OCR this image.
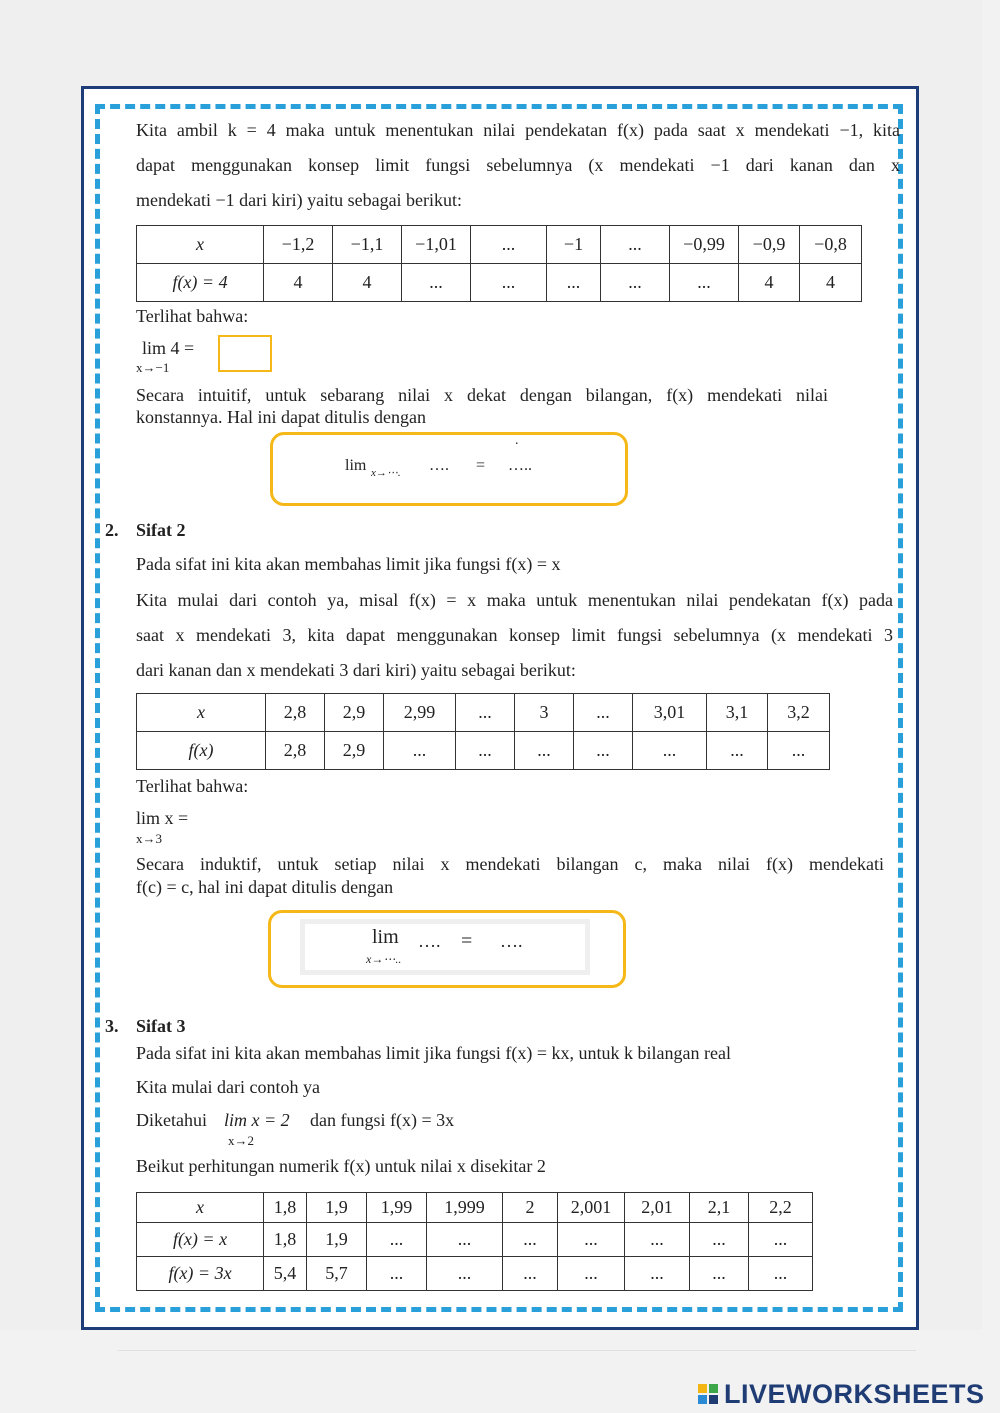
Kita ambil k = 4 maka untuk menentukan nilai pendekatan f(x) pada saat x mendekati −1, kita
dapat menggunakan konsep limit fungsi sebelumnya (x mendekati −1 dari kanan dan x
mendekati −1 dari kiri) yaitu sebagai berikut:
x	−1,2	−1,1	−1,01	...	−1	...	−0,99	−0,9	−0,8
f(x) = 4	4	4	...	...	...	...	...	4	4
Terlihat bahwa:
lim 4 =
x→−1
Secara intuitif, untuk sebarang nilai x dekat dengan bilangan, f(x) mendekati nilai
konstannya. Hal ini dapat ditulis dengan
lim x→⋯. …. = …..
.
2. Sifat 2
Pada sifat ini kita akan membahas limit jika fungsi f(x) = x
Kita mulai dari contoh ya, misal f(x) = x maka untuk menentukan nilai pendekatan f(x) pada
saat x mendekati 3, kita dapat menggunakan konsep limit fungsi sebelumnya (x mendekati 3
dari kanan dan x mendekati 3 dari kiri) yaitu sebagai berikut:
x	2,8	2,9	2,99	...	3	...	3,01	3,1	3,2
f(x)	2,8	2,9	...	...	...	...	...	...	...
Terlihat bahwa:
lim x =
x→3
Secara induktif, untuk setiap nilai x mendekati bilangan c, maka nilai f(x) mendekati
f(c) = c, hal ini dapat ditulis dengan
lim
x→⋯..
…. = ….
3. Sifat 3
Pada sifat ini kita akan membahas limit jika fungsi f(x) = kx, untuk k bilangan real
Kita mulai dari contoh ya
Diketahui lim x = 2
x→2
dan fungsi f(x) = 3x
Beikut perhitungan numerik f(x) untuk nilai x disekitar 2
x	1,8	1,9	1,99	1,999	2	2,001	2,01	2,1	2,2
f(x) = x	1,8	1,9	...	...	...	...	...	...	...
f(x) = 3x	5,4	5,7	...	...	...	...	...	...	...
LIVEWORKSHEETS
